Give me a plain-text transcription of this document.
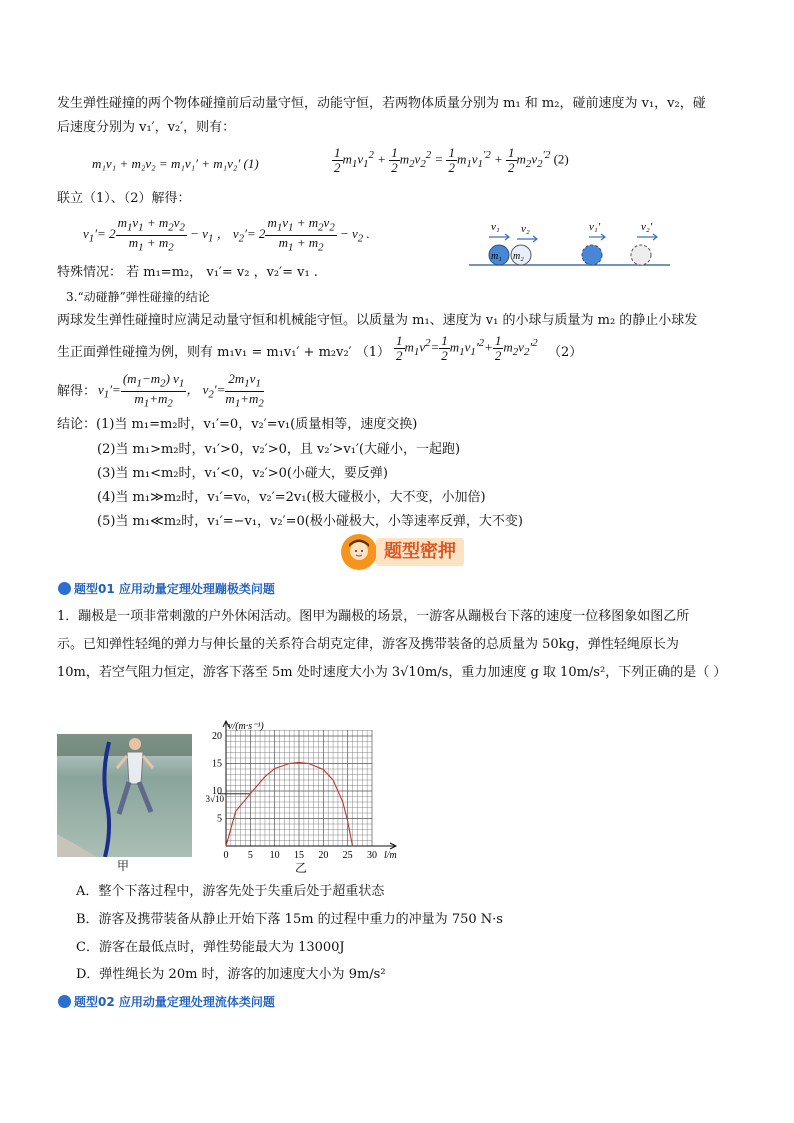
发生弹性碰撞的两个物体碰撞前后动量守恒，动能守恒，若两物体质量分别为 m₁ 和 m₂，碰前速度为 v₁，v₂，碰
后速度分别为 v₁′，v₂′，则有：
m₁v₁ + m₂v₂ = m₁v₁′ + m₁v₂′ (1)	$\frac{1}{2} m_1v_1^2 + \frac{1}{2} m_2v_2^2 = \frac{1}{2} m_1v_1^{'2} + \frac{1}{2} m_2v_2^{'2}$ (2)
联立（1）、（2）解得：
$v_1'= 2 \frac{m_1v_1 + m_2v_2}{m_1 + m_2} - v_1$ ， $v_2'= 2 \frac{m_1v_1 + m_2v_2}{m_1 + m_2} - v_2$ .	v₁ v₂	v₁′	v₂′
m₁ m₂
特殊情况： 若 m₁=m₂， v₁′= v₂ ，v₂′= v₁ .
3.“动碰静”弹性碰撞的结论
两球发生弹性碰撞时应满足动量守恒和机械能守恒。以质量为 m₁、速度为 v₁ 的小球与质量为 m₂ 的静止小球发
生正面弹性碰撞为例，则有 m₁v₁ = m₁v₁′ + m₂v₂′ $(1) \frac{1}{2} m_1v^2= \frac{1}{2} m_1v_1'^2+ \frac{1}{2} m_2v_2'^2$
（2）
解得： $v_1'= \frac{(m_1-m_2) v_1}{m_1+m_2}$ ， $v_2'= \frac{2m_1v_1}{m_1+m_2}$
结论：(1)当 m₁=m₂时，v₁′=0，v₂′=v₁(质量相等，速度交换)
(2)当 m₁>m₂时，v₁′>0，v₂′>0，且 v₂′>v₁′(大碰小，一起跑)
(3)当 m₁<m₂时，v₁′<0，v₂′>0(小碰大，要反弹)
(4)当 m₁≫m₂时，v₁′=v₀，v₂′=2v₁(极大碰极小，大不变，小加倍)
(5)当 m₁≪m₂时，v₁′=−v₁，v₂′=0(极小碰极大，小等速率反弹，大不变)
题型密押
题型01 应用动量定理处理蹦极类问题
1．蹦极是一项非常刺激的户外休闲活动。图甲为蹦极的场景，一游客从蹦极台下落的速度一位移图象如图乙所
示。已知弹性轻绳的弹力与伸长量的关系符合胡克定律，游客及携带装备的总质量为 50kg，弹性轻绳原长为
10m，若空气阻力恒定，游客下落至 5m 处时速度大小为 3√10m/s，重力加速度 g 取 10m/s²，下列正确的是（ ）
甲
0 5 10 15 20 25 30
20
15
10
5
3√10
v/(m·s⁻¹)
l/m
乙
A．整个下落过程中，游客先处于失重后处于超重状态
B．游客及携带装备从静止开始下落 15m 的过程中重力的冲量为 750 N·s
C．游客在最低点时，弹性势能最大为 13000J
D．弹性绳长为 20m 时，游客的加速度大小为 9m/s²
题型02 应用动量定理处理流体类问题
